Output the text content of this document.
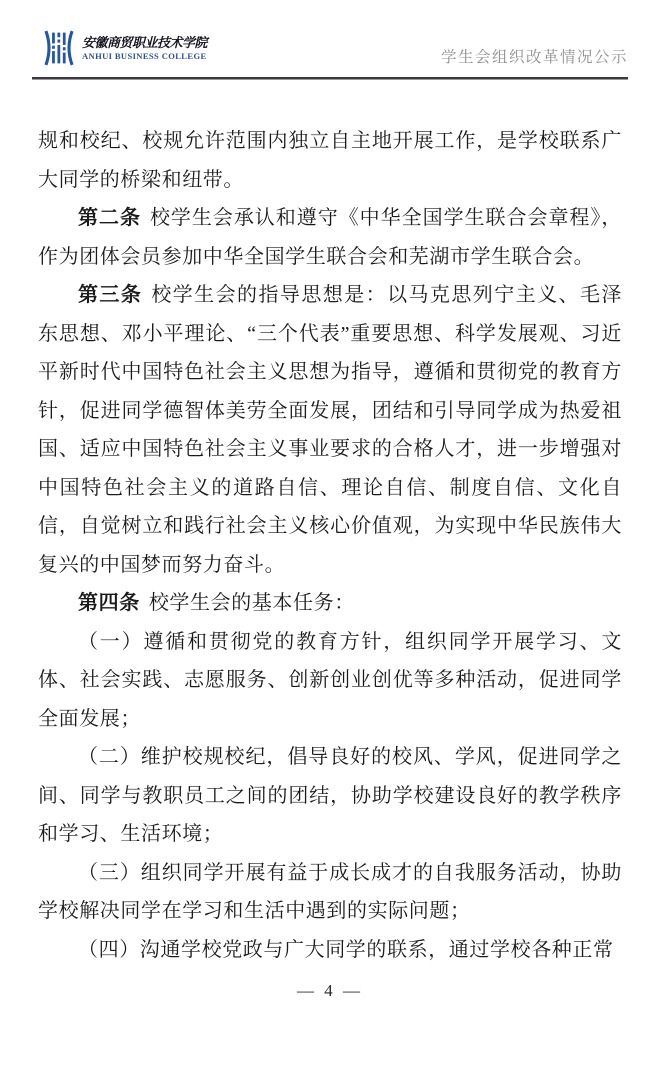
安徽商贸职业技术学院
ANHUI BUSINESS COLLEGE	学生会组织改革情况公示

规和校纪、校规允许范围内独立自主地开展工作，是学校联系广大同学的桥梁和纽带。

第二条 校学生会承认和遵守《中华全国学生联合会章程》，作为团体会员参加中华全国学生联合会和芜湖市学生联合会。

第三条 校学生会的指导思想是：以马克思列宁主义、毛泽东思想、邓小平理论、“三个代表”重要思想、科学发展观、习近平新时代中国特色社会主义思想为指导，遵循和贯彻党的教育方针，促进同学德智体美劳全面发展，团结和引导同学成为热爱祖国、适应中国特色社会主义事业要求的合格人才，进一步增强对中国特色社会主义的道路自信、理论自信、制度自信、文化自信，自觉树立和践行社会主义核心价值观，为实现中华民族伟大复兴的中国梦而努力奋斗。

第四条 校学生会的基本任务：

（一）遵循和贯彻党的教育方针，组织同学开展学习、文体、社会实践、志愿服务、创新创业创优等多种活动，促进同学全面发展；

（二）维护校规校纪，倡导良好的校风、学风，促进同学之间、同学与教职员工之间的团结，协助学校建设良好的教学秩序和学习、生活环境；

（三）组织同学开展有益于成长成才的自我服务活动，协助学校解决同学在学习和生活中遇到的实际问题；

（四）沟通学校党政与广大同学的联系，通过学校各种正常

— 4 —
